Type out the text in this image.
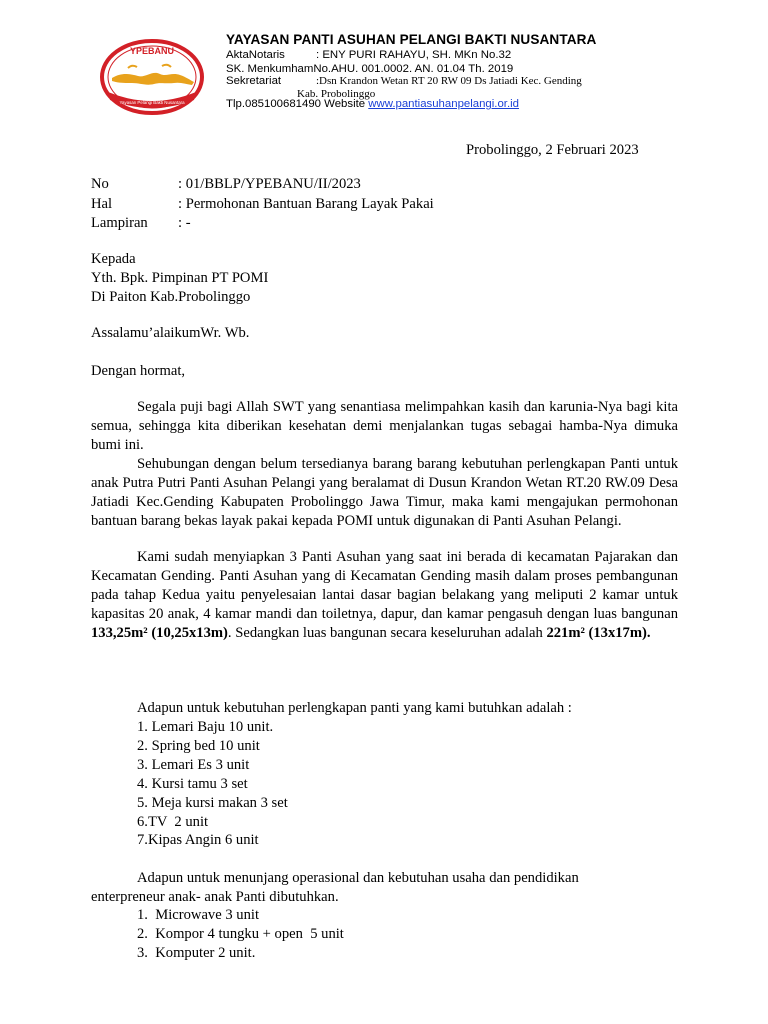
YPEBANU
Yayasan Pelangi Bakti Nusantara
YAYASAN PANTI ASUHAN PELANGI BAKTI NUSANTARA
AktaNotaris	: ENY PURI RAHAYU, SH. MKn No.32
SK. MenkumhamNo.AHU. 001.0002. AN. 01.04 Th. 2019
Sekretariat	:Dsn Krandon Wetan RT 20 RW 09 Ds Jatiadi Kec. Gending
Kab. Probolinggo
Tlp.085100681490 Website www.pantiasuhanpelangi.or.id
Probolinggo, 2 Februari 2023
No	: 01/BBLP/YPEBANU/II/2023
Hal	: Permohonan Bantuan Barang Layak Pakai
Lampiran : -
Kepada
Yth. Bpk. Pimpinan PT POMI
Di Paiton Kab.Probolinggo
Assalamu’alaikumWr. Wb.
Dengan hormat,

Segala puji bagi Allah SWT yang senantiasa melimpahkan kasih dan karunia-Nya bagi kita semua, sehingga kita diberikan kesehatan demi menjalankan tugas sebagai hamba-Nya dimuka bumi ini.

Sehubungan dengan belum tersedianya barang barang kebutuhan perlengkapan Panti untuk anak Putra Putri Panti Asuhan Pelangi yang beralamat di Dusun Krandon Wetan RT.20 RW.09 Desa Jatiadi Kec.Gending Kabupaten Probolinggo Jawa Timur, maka kami mengajukan permohonan bantuan barang bekas layak pakai kepada POMI untuk digunakan di Panti Asuhan Pelangi.

Kami sudah menyiapkan 3 Panti Asuhan yang saat ini berada di kecamatan Pajarakan dan Kecamatan Gending. Panti Asuhan yang di Kecamatan Gending masih dalam proses pembangunan pada tahap Kedua yaitu penyelesaian lantai dasar bagian belakang yang meliputi 2 kamar untuk kapasitas 20 anak, 4 kamar mandi dan toiletnya, dapur, dan kamar pengasuh dengan luas bangunan 133,25m² (10,25x13m). Sedangkan luas bangunan secara keseluruhan adalah 221m² (13x17m).

Adapun untuk kebutuhan perlengkapan panti yang kami butuhkan adalah :
1. Lemari Baju 10 unit.
2. Spring bed 10 unit
3. Lemari Es 3 unit
4. Kursi tamu 3 set
5. Meja kursi makan 3 set
6.TV  2 unit
7.Kipas Angin 6 unit
Adapun untuk menunjang operasional dan kebutuhan usaha dan pendidikan
enterpreneur anak- anak Panti dibutuhkan.
1.  Microwave 3 unit
2.  Kompor 4 tungku + open  5 unit
3.  Komputer 2 unit.
